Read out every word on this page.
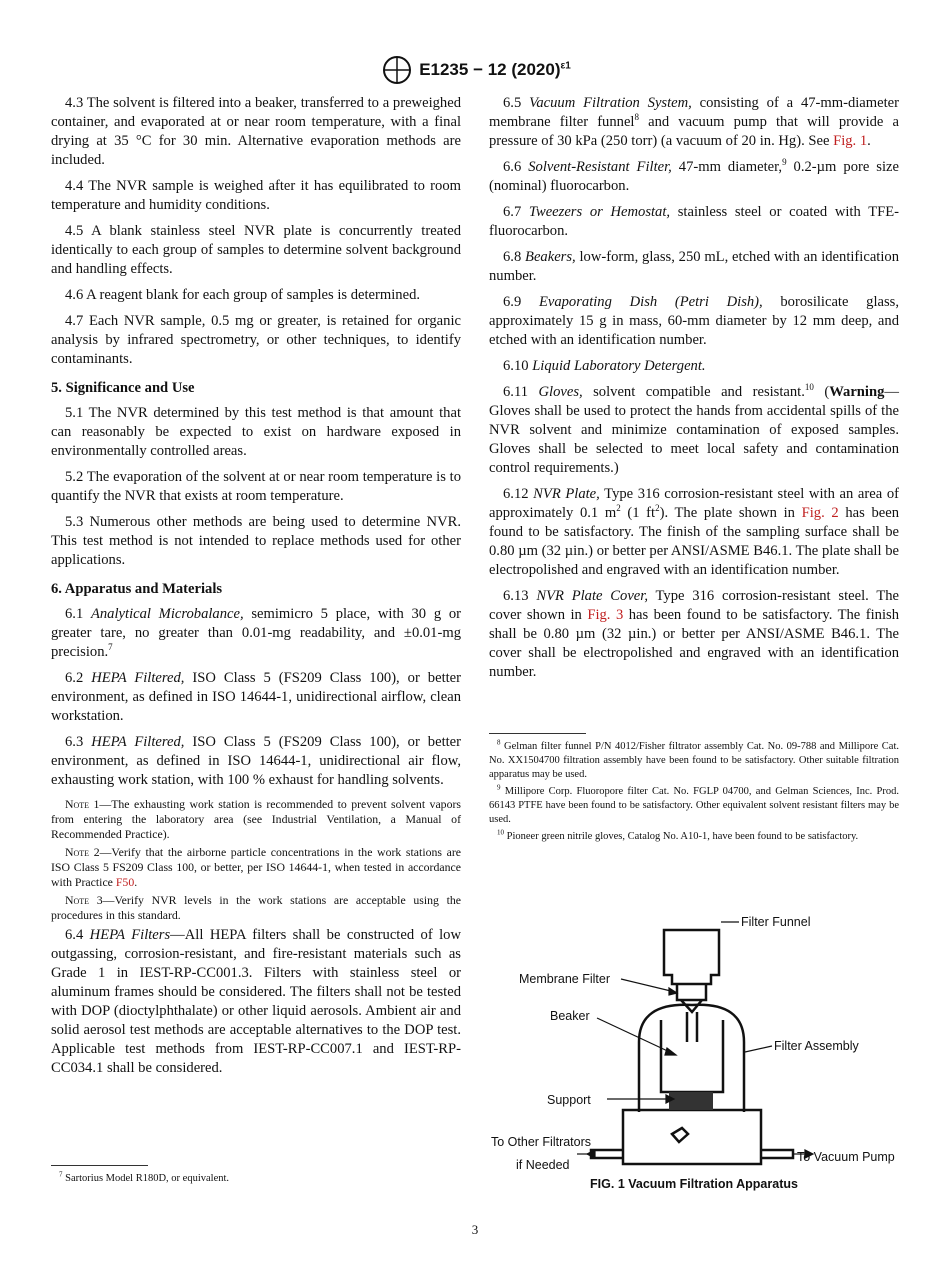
E1235 − 12 $(2020)^{\varepsilon 1}$

4.3 The solvent is filtered into a beaker, transferred to a preweighed container, and evaporated at or near room temperature, with a final drying at 35 °C for 30 min. Alternative evaporation methods are included.

4.4 The NVR sample is weighed after it has equilibrated to room temperature and humidity conditions.

4.5 A blank stainless steel NVR plate is concurrently treated identically to each group of samples to determine solvent background and handling effects.

4.6 A reagent blank for each group of samples is determined.

4.7 Each NVR sample, 0.5 mg or greater, is retained for organic analysis by infrared spectrometry, or other techniques, to identify contaminants.

5. Significance and Use

5.1 The NVR determined by this test method is that amount that can reasonably be expected to exist on hardware exposed in environmentally controlled areas.

5.2 The evaporation of the solvent at or near room temperature is to quantify the NVR that exists at room temperature.

5.3 Numerous other methods are being used to determine NVR. This test method is not intended to replace methods used for other applications.

6. Apparatus and Materials

6.1 Analytical Microbalance, semimicro 5 place, with 30 g or greater tare, no greater than 0.01-mg readability, and ±0.01-mg precision.$^7$

6.2 HEPA Filtered, ISO Class 5 (FS209 Class 100), or better environment, as defined in ISO 14644-1, unidirectional airflow, clean workstation.

6.3 HEPA Filtered, ISO Class 5 (FS209 Class 100), or better environment, as defined in ISO 14644-1, unidirectional air flow, exhausting work station, with 100 % exhaust for handling solvents.

Note 1—The exhausting work station is recommended to prevent solvent vapors from entering the laboratory area (see Industrial Ventilation, a Manual of Recommended Practice).
Note 2—Verify that the airborne particle concentrations in the work stations are ISO Class 5 FS209 Class 100, or better, per ISO 14644-1, when tested in accordance with Practice F50.
Note 3—Verify NVR levels in the work stations are acceptable using the procedures in this standard.

6.4 HEPA Filters—All HEPA filters shall be constructed of low outgassing, corrosion-resistant, and fire-resistant materials such as Grade 1 in IEST-RP-CC001.3. Filters with stainless steel or aluminum frames should be considered. The filters shall not be tested with DOP (dioctylphthalate) or other liquid aerosols. Ambient air and solid aerosol test methods are acceptable alternatives to the DOP test. Applicable test methods from IEST-RP-CC007.1 and IEST-RP-CC034.1 shall be considered.

$^7$ Sartorius Model R180D, or equivalent.

6.5 Vacuum Filtration System, consisting of a 47-mm-diameter membrane filter funnel$^8$ and vacuum pump that will provide a pressure of 30 kPa (250 torr) (a vacuum of 20 in. Hg). See Fig. 1.

6.6 Solvent-Resistant Filter, 47-mm diameter,$^9$ 0.2-µm pore size (nominal) fluorocarbon.

6.7 Tweezers or Hemostat, stainless steel or coated with TFE-fluorocarbon.

6.8 Beakers, low-form, glass, 250 mL, etched with an identification number.

6.9 Evaporating Dish (Petri Dish), borosilicate glass, approximately 15 g in mass, 60-mm diameter by 12 mm deep, and etched with an identification number.

6.10 Liquid Laboratory Detergent.

6.11 Gloves, solvent compatible and resistant.$^{10}$ (Warning—Gloves shall be used to protect the hands from accidental spills of the NVR solvent and minimize contamination of exposed samples. Gloves shall be selected to meet local safety and contamination control requirements.)

6.12 NVR Plate, Type 316 corrosion-resistant steel with an area of approximately 0.1 $m^2$ (1 $ft^2$). The plate shown in Fig. 2 has been found to be satisfactory. The finish of the sampling surface shall be 0.80 µm (32 µin.) or better per ANSI/ASME B46.1. The plate shall be electropolished and engraved with an identification number.

6.13 NVR Plate Cover, Type 316 corrosion-resistant steel. The cover shown in Fig. 3 has been found to be satisfactory. The finish shall be 0.80 µm (32 µin.) or better per ANSI/ASME B46.1. The cover shall be electropolished and engraved with an identification number.

$^8$ Gelman filter funnel P/N 4012/Fisher filtrator assembly Cat. No. 09-788 and Millipore Cat. No. XX1504700 filtration assembly have been found to be satisfactory. Other suitable filtration apparatus may be used.
$^9$ Millipore Corp. Fluoropore filter Cat. No. FGLP 04700, and Gelman Sciences, Inc. Prod. 66143 PTFE have been found to be satisfactory. Other equivalent solvent resistant filters may be used.
$^{10}$ Pioneer green nitrile gloves, Catalog No. A10-1, have been found to be satisfactory.
Filter Funnel
Membrane Filter
Beaker
Filter Assembly
Support
To Other Filtrators
if Needed
To Vacuum Pump
FIG. 1 Vacuum Filtration Apparatus
3
